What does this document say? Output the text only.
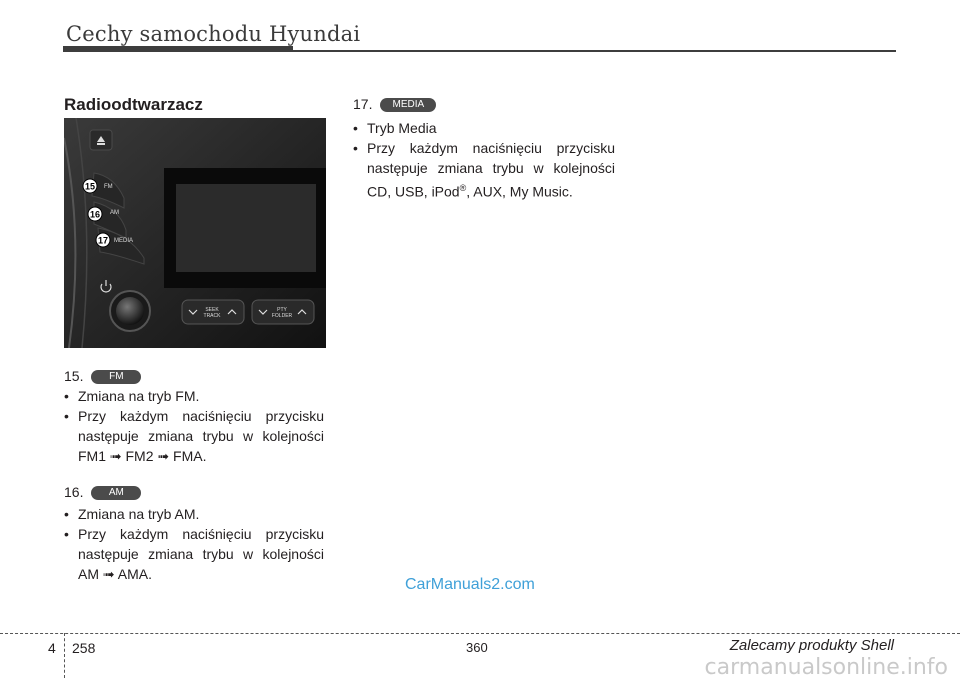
Cechy samochodu Hyundai
Radioodtwarzacz
15
16
17
FM
AM
MEDIA
SEEK
TRACK
PTY
FOLDER
15.	FM
• Zmiana na tryb FM.
• Przy każdym naciśnięciu przycisku następuje zmiana trybu w kolejności FM1 ➟ FM2 ➟ FMA.
16.	AM
• Zmiana na tryb AM.
• Przy każdym naciśnięciu przycisku następuje zmiana trybu w kolejności AM ➟ AMA.
17. MEDIA
• Tryb Media
• Przy każdym naciśnięciu przycisku następuje zmiana trybu w kolejności CD, USB, iPod®, AUX, My Music.
CarManuals2.com
4 258	360	Zalecamy produkty Shell
carmanualsonline.info
